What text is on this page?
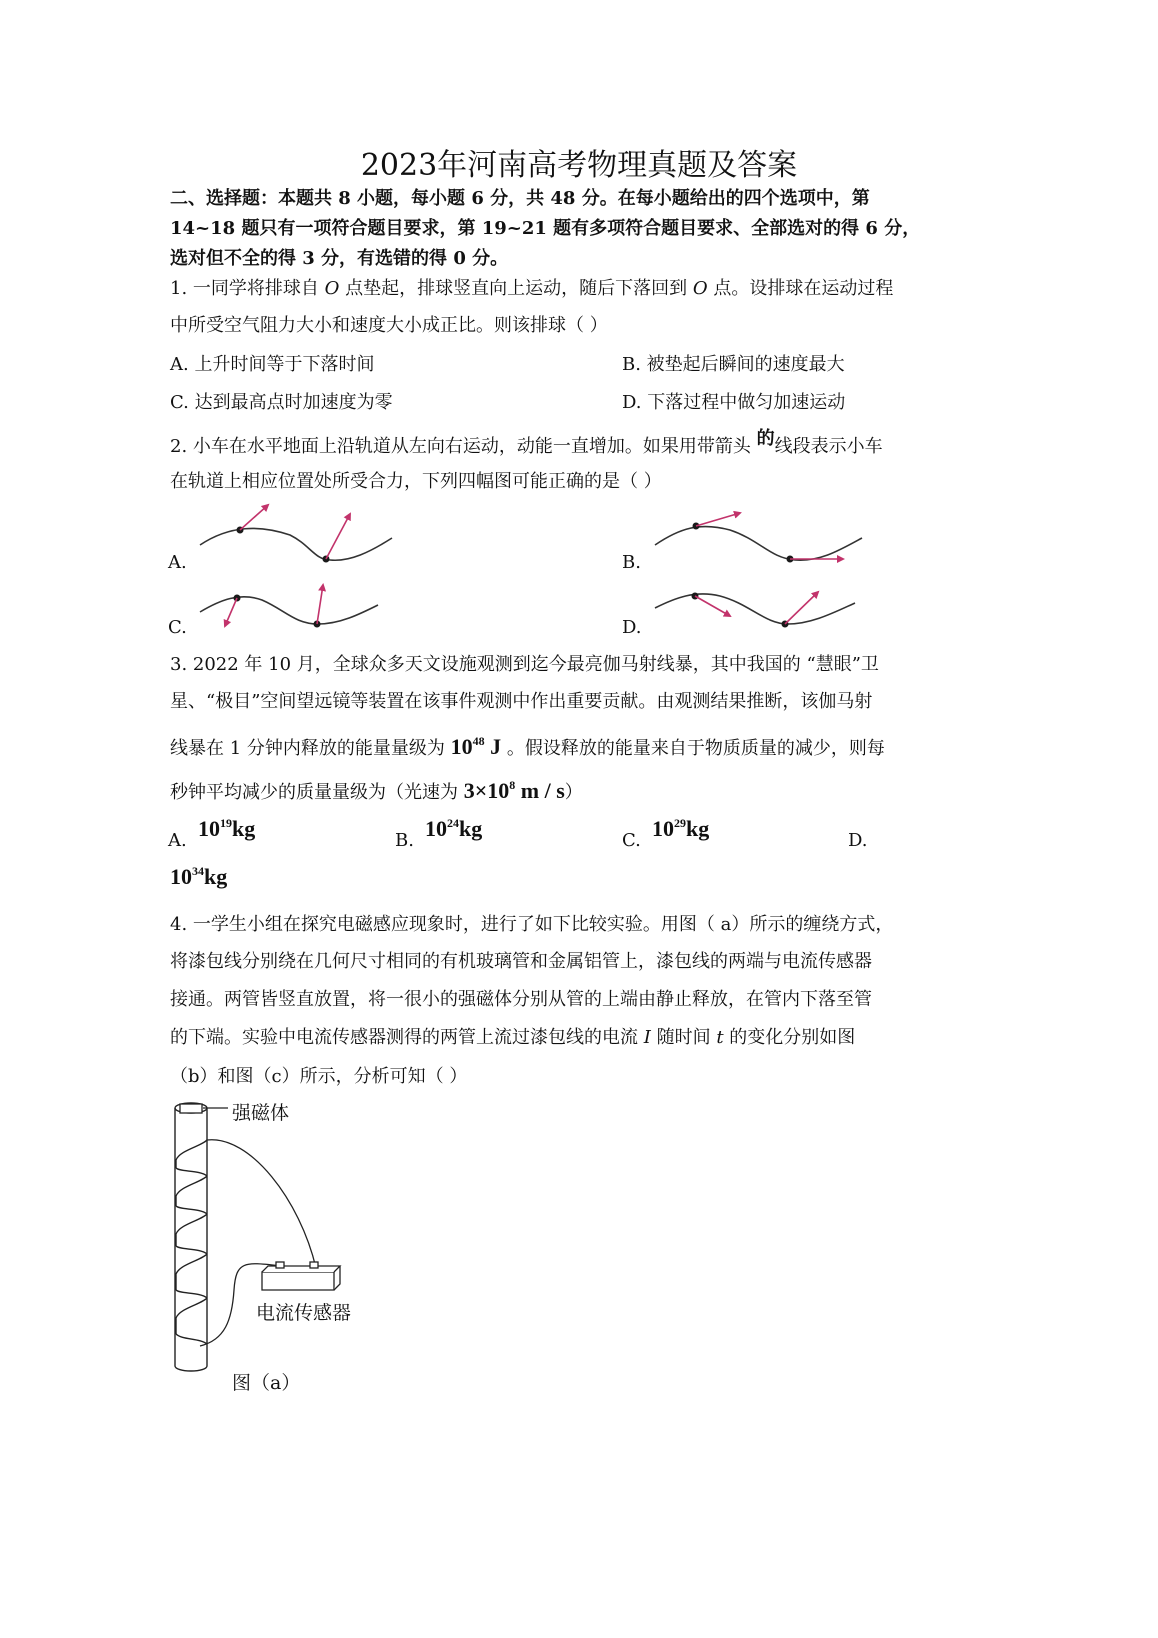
2023年河南高考物理真题及答案
二、选择题：本题共 8 小题，每小题 6 分，共 48 分。在每小题给出的四个选项中，第
14~18 题只有一项符合题目要求，第 19~21 题有多项符合题目要求、全部选对的得 6 分，
选对但不全的得 3 分，有选错的得 0 分。
1. 一同学将排球自 O 点垫起，排球竖直向上运动，随后下落回到 O 点。设排球在运动过程
中所受空气阻力大小和速度大小成正比。则该排球（ ）
A. 上升时间等于下落时间	B. 被垫起后瞬间的速度最大
C. 达到最高点时加速度为零	D. 下落过程中做匀加速运动
2. 小车在水平地面上沿轨道从左向右运动，动能一直增加。如果用带箭头 的线段表示小车
在轨道上相应位置处所受合力，下列四幅图可能正确的是（ ）
A.	B.
C.	D.
3. 2022 年 10 月，全球众多天文设施观测到迄今最亮伽马射线暴，其中我国的 “慧眼”卫
星、“极目”空间望远镜等装置在该事件观测中作出重要贡献。由观测结果推断，该伽马射
线暴在 1 分钟内释放的能量量级为 $10^{48}$ J 。假设释放的能量来自于物质质量的减少，则每
秒钟平均减少的质量量级为（光速为 $3\times 10^8$ m / s）
A. $10^{19}kg$	B. $10^{24}kg$	C. $10^{29}kg$	D.
$10^{34}kg$
4. 一学生小组在探究电磁感应现象时，进行了如下比较实验。用图（ a）所示的缠绕方式，
将漆包线分别绕在几何尺寸相同的有机玻璃管和金属铝管上，漆包线的两端与电流传感器
接通。两管皆竖直放置，将一很小的强磁体分别从管的上端由静止释放，在管内下落至管
的下端。实验中电流传感器测得的两管上流过漆包线的电流 I 随时间 t 的变化分别如图
（b）和图（c）所示，分析可知（ ）
强磁体
电流传感器
图（a）
